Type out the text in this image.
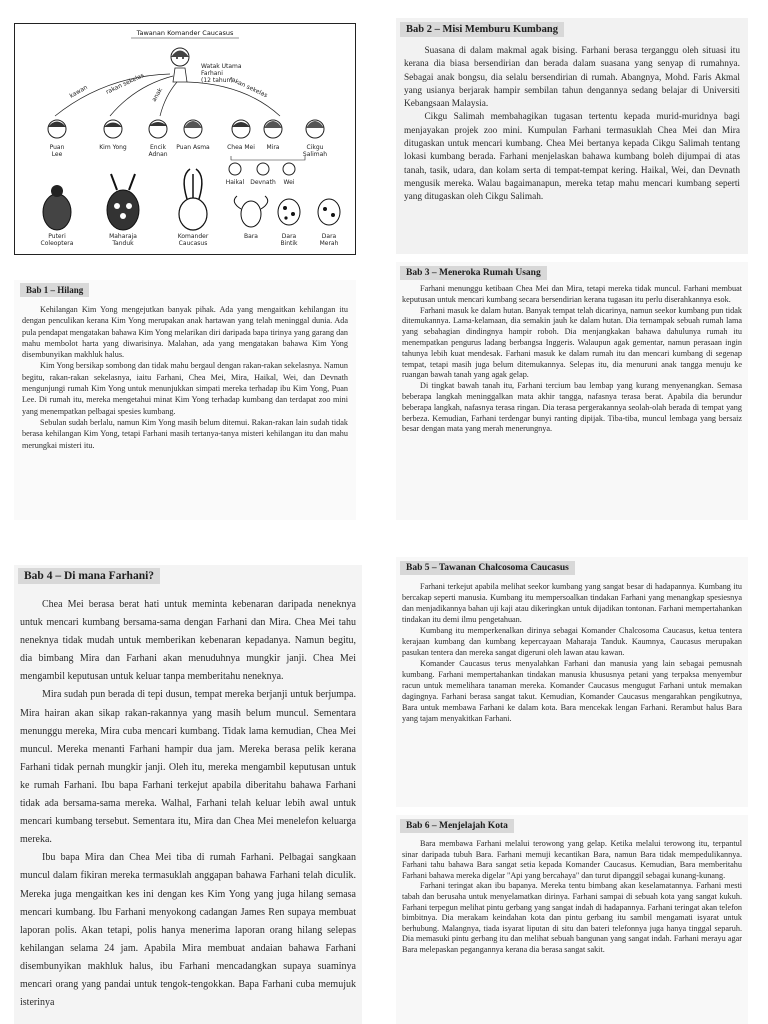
Tawanan Komander Caucasus
Watak Utama
Farhani
(12 tahun)
kawan	rakan sekelas anak	rakan sekelas
Puan
Lee
Kim Yong	Encik
Adnan
Puan Asma	Chea Mei Mira	Cikgu
Salimah
Haikal Devnath Wei
Puteri
Coleoptera
Maharaja
Tanduk
Komander
Caucasus
Bara	Dara
Bintik
Dara
Merah
Bab 1 – Hilang

Kehilangan Kim Yong mengejutkan banyak pihak. Ada yang mengaitkan kehilangan itu dengan penculikan kerana Kim Yong merupakan anak hartawan yang telah meninggal dunia. Ada pula pendapat mengatakan bahawa Kim Yong melarikan diri daripada bapa tirinya yang garang dan mahu membolot harta yang diwarisinya. Malahan, ada yang mengatakan bahawa Kim Yong disembunyikan makhluk halus.

Kim Yong bersikap sombong dan tidak mahu bergaul dengan rakan-rakan sekelasnya. Namun begitu, rakan-rakan sekelasnya, iaitu Farhani, Chea Mei, Mira, Haikal, Wei, dan Devnath mengunjungi rumah Kim Yong untuk menunjukkan simpati mereka terhadap ibu Kim Yong, Puan Lee. Di rumah itu, mereka mengetahui minat Kim Yong terhadap kumbang dan terdapat zoo mini yang menempatkan pelbagai spesies kumbang.

Sebulan sudah berlalu, namun Kim Yong masih belum ditemui. Rakan-rakan lain sudah tidak berasa kehilangan Kim Yong, tetapi Farhani masih tertanya-tanya misteri kehilangan itu dan mahu merungkai misteri itu.

Bab 2 – Misi Memburu Kumbang

Suasana di dalam makmal agak bising. Farhani berasa terganggu oleh situasi itu kerana dia biasa bersendirian dan berada dalam suasana yang senyap di rumahnya. Sebagai anak bongsu, dia selalu bersendirian di rumah. Abangnya, Mohd. Faris Akmal yang usianya berjarak hampir sembilan tahun dengannya sedang belajar di Universiti Kebangsaan Malaysia.

Cikgu Salimah membahagikan tugasan tertentu kepada murid-muridnya bagi menjayakan projek zoo mini. Kumpulan Farhani termasuklah Chea Mei dan Mira ditugaskan untuk mencari kumbang. Chea Mei bertanya kepada Cikgu Salimah tentang lokasi kumbang berada. Farhani menjelaskan bahawa kumbang boleh dijumpai di atas tanah, tasik, udara, dan kolam serta di tempat-tempat kering. Haikal, Wei, dan Devnath mengusik mereka. Walau bagaimanapun, mereka tetap mahu mencari kumbang seperti yang ditugaskan oleh Cikgu Salimah.

Bab 3 – Meneroka Rumah Usang

Farhani menunggu ketibaan Chea Mei dan Mira, tetapi mereka tidak muncul. Farhani membuat keputusan untuk mencari kumbang secara bersendirian kerana tugasan itu perlu diserahkannya esok.

Farhani masuk ke dalam hutan. Banyak tempat telah dicarinya, namun seekor kumbang pun tidak ditemukannya. Lama-kelamaan, dia semakin jauh ke dalam hutan. Dia ternampak sebuah rumah lama yang sebahagian dindingnya hampir roboh. Dia menjangkakan bahawa dahulunya rumah itu menempatkan pengurus ladang berbangsa Inggeris. Walaupun agak gementar, namun perasaan ingin tahunya lebih kuat mendesak. Farhani masuk ke dalam rumah itu dan mencari kumbang di segenap tempat, tetapi masih juga belum ditemukannya. Selepas itu, dia menuruni anak tangga menuju ke ruangan bawah tanah yang agak gelap.

Di tingkat bawah tanah itu, Farhani tercium bau lembap yang kurang menyenangkan. Semasa beberapa langkah meninggalkan mata akhir tangga, nafasnya terasa berat. Apabila dia berundur beberapa langkah, nafasnya terasa ringan. Dia terasa pergerakannya seolah-olah berada di tempat yang berbeza. Kemudian, Farhani terdengar bunyi ranting dipijak. Tiba-tiba, muncul lembaga yang bersaiz besar dengan mata yang merah menerungnya.

Bab 4 – Di mana Farhani?

Chea Mei berasa berat hati untuk meminta kebenaran daripada neneknya untuk mencari kumbang bersama-sama dengan Farhani dan Mira. Chea Mei tahu neneknya tidak mudah untuk memberikan kebenaran kepadanya. Namun begitu, dia bimbang Mira dan Farhani akan menuduhnya mungkir janji. Chea Mei mengambil keputusan untuk keluar tanpa memberitahu neneknya.

Mira sudah pun berada di tepi dusun, tempat mereka berjanji untuk berjumpa. Mira hairan akan sikap rakan-rakannya yang masih belum muncul. Sementara menunggu mereka, Mira cuba mencari kumbang. Tidak lama kemudian, Chea Mei muncul. Mereka menanti Farhani hampir dua jam. Mereka berasa pelik kerana Farhani tidak pernah mungkir janji. Oleh itu, mereka mengambil keputusan untuk ke rumah Farhani. Ibu bapa Farhani terkejut apabila diberitahu bahawa Farhani tidak ada bersama-sama mereka. Walhal, Farhani telah keluar lebih awal untuk mencari kumbang tersebut. Sementara itu, Mira dan Chea Mei menelefon keluarga mereka.

Ibu bapa Mira dan Chea Mei tiba di rumah Farhani. Pelbagai sangkaan muncul dalam fikiran mereka termasuklah anggapan bahawa Farhani telah diculik. Mereka juga mengaitkan kes ini dengan kes Kim Yong yang juga hilang semasa mencari kumbang. Ibu Farhani menyokong cadangan James Ren supaya membuat laporan polis. Akan tetapi, polis hanya menerima laporan orang hilang selepas kehilangan selama 24 jam. Apabila Mira membuat andaian bahawa Farhani disembunyikan makhluk halus, ibu Farhani mencadangkan supaya suaminya mencari orang yang pandai untuk tengok-tengokkan. Bapa Farhani cuba memujuk isterinya

Bab 5 – Tawanan Chalcosoma Caucasus

Farhani terkejut apabila melihat seekor kumbang yang sangat besar di hadapannya. Kumbang itu bercakap seperti manusia. Kumbang itu mempersoalkan tindakan Farhani yang menangkap spesiesnya dan menjadikannya bahan uji kaji atau dikeringkan untuk dijadikan tontonan. Farhani mempertahankan tindakan itu demi ilmu pengetahuan.

Kumbang itu memperkenalkan dirinya sebagai Komander Chalcosoma Caucasus, ketua tentera kerajaan kumbang dan kumbang kepercayaan Maharaja Tanduk. Kaumnya, Caucasus merupakan pasukan tentera dan mereka sangat digeruni oleh lawan atau kawan.

Komander Caucasus terus menyalahkan Farhani dan manusia yang lain sebagai pemusnah kumbang. Farhani mempertahankan tindakan manusia khususnya petani yang terpaksa menyembur racun untuk memelihara tanaman mereka. Komander Caucasus mengugut Farhani untuk memakan dagingnya. Farhani berasa sangat takut. Kemudian, Komander Caucasus mengarahkan pengikutnya, Bara untuk membawa Farhani ke dalam kota. Bara mencekak lengan Farhani. Rerambut halus Bara yang tajam menyakitkan Farhani.

Bab 6 – Menjelajah Kota

Bara membawa Farhani melalui terowong yang gelap. Ketika melalui terowong itu, terpantul sinar daripada tubuh Bara. Farhani memuji kecantikan Bara, namun Bara tidak mempedulikannya. Farhani tahu bahawa Bara sangat setia kepada Komander Caucasus. Kemudian, Bara memberitahu Farhani bahawa mereka digelar "Api yang bercahaya" dan turut dipanggil sebagai kunang-kunang.

Farhani teringat akan ibu bapanya. Mereka tentu bimbang akan keselamatannya. Farhani mesti tabah dan berusaha untuk menyelamatkan dirinya. Farhani sampai di sebuah kota yang sangat kukuh. Farhani terpegun melihat pintu gerbang yang sangat indah di hadapannya. Farhani teringat akan telefon bimbitnya. Dia merakam keindahan kota dan pintu gerbang itu sambil mengamati isyarat untuk berhubung. Malangnya, tiada isyarat liputan di situ dan bateri telefonnya juga hanya tinggal separuh. Dia memasuki pintu gerbang itu dan melihat sebuah bangunan yang sangat indah. Farhani merayu agar Bara melepaskan pegangannya kerana dia berasa sangat sakit.
